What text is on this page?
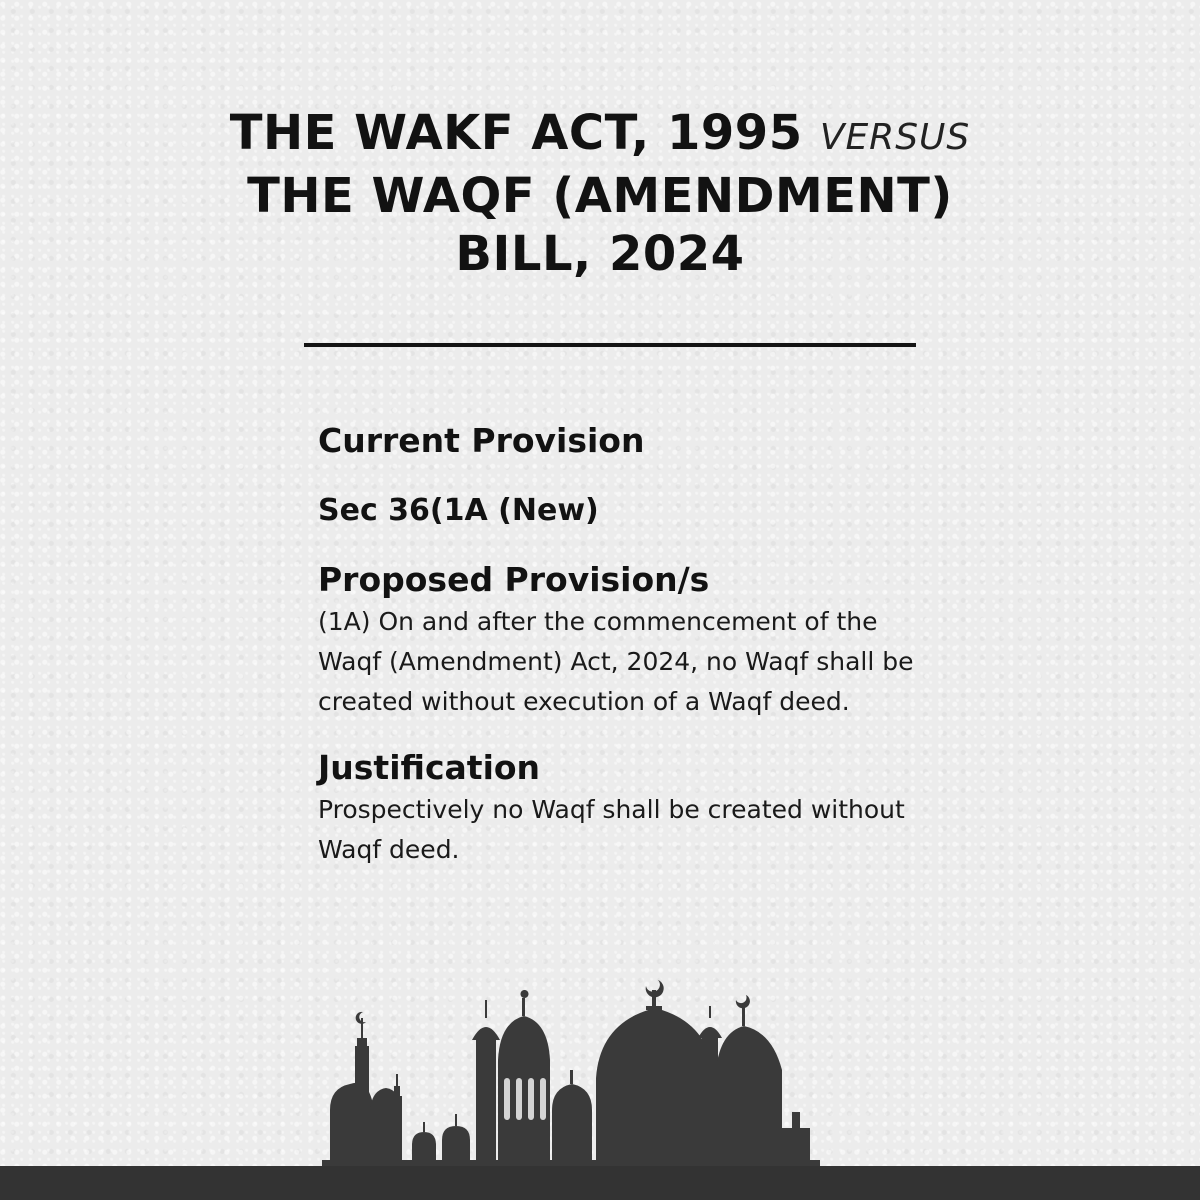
THE WAKF ACT, 1995 VERSUS
THE WAQF (AMENDMENT)
BILL, 2024

Current Provision

Sec 36(1A (New)

Proposed Provision/s

(1A) On and after the commencement of the Waqf (Amendment) Act, 2024, no Waqf shall be created without execution of a Waqf deed.

Justification

Prospectively no Waqf shall be created without Waqf deed.
